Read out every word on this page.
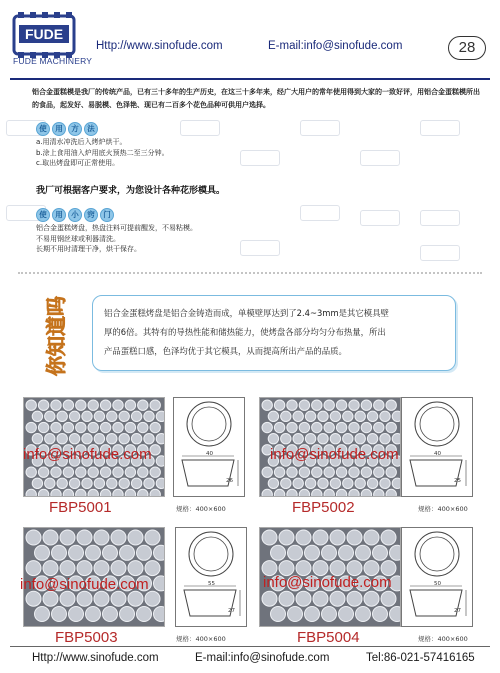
FUDE
FUDE MACHINERY
Http://www.sinofude.com	E-mail:info@sinofude.com	28
铝合金蛋糕模是我厂的传统产品，已有三十多年的生产历史，在这三十多年来，经广大用户的常年使用得到大家的一致好评，用铝合金蛋糕模所出的食品，起发好、易脱模、色泽艳、现已有二百多个花色品种可供用户选择。
使	用	方	法
a.用清水冲洗后入烤炉烘干。
b.涂上食用油入炉用底火预热二至三分钟。
c.取出烤盘即可正常使用。
我厂可根据客户要求，为您设计各种花形模具。
使	用	小	窍	门
铝合金蛋糕烤盘，热盘注料可提前醒发，不易粘模。
不易用钢丝球或利器清洗。
长期不用时清理干净，烘干保存。
你知道吗	铝合金蛋糕烤盘是铝合金铸造而成，单模壁厚达到了2.4~3mm是其它模具壁
厚的6倍。其特有的导热性能和储热能力，使烤盘各部分均匀分布热量，所出
产品蛋糕口感，色泽均优于其它模具，从而提高所出产品的品质。
40
26
info@sinofude.com
FBP5001	规格：400×600
40
25
info@sinofude.com
FBP5002	规格：400×600
55
27
info@sinofude.com
FBP5003	规格：400×600
50
27
info@sinofude.com
FBP5004	规格：400×600
Http://www.sinofude.com	E-mail:info@sinofude.com	Tel:86-021-57416165
